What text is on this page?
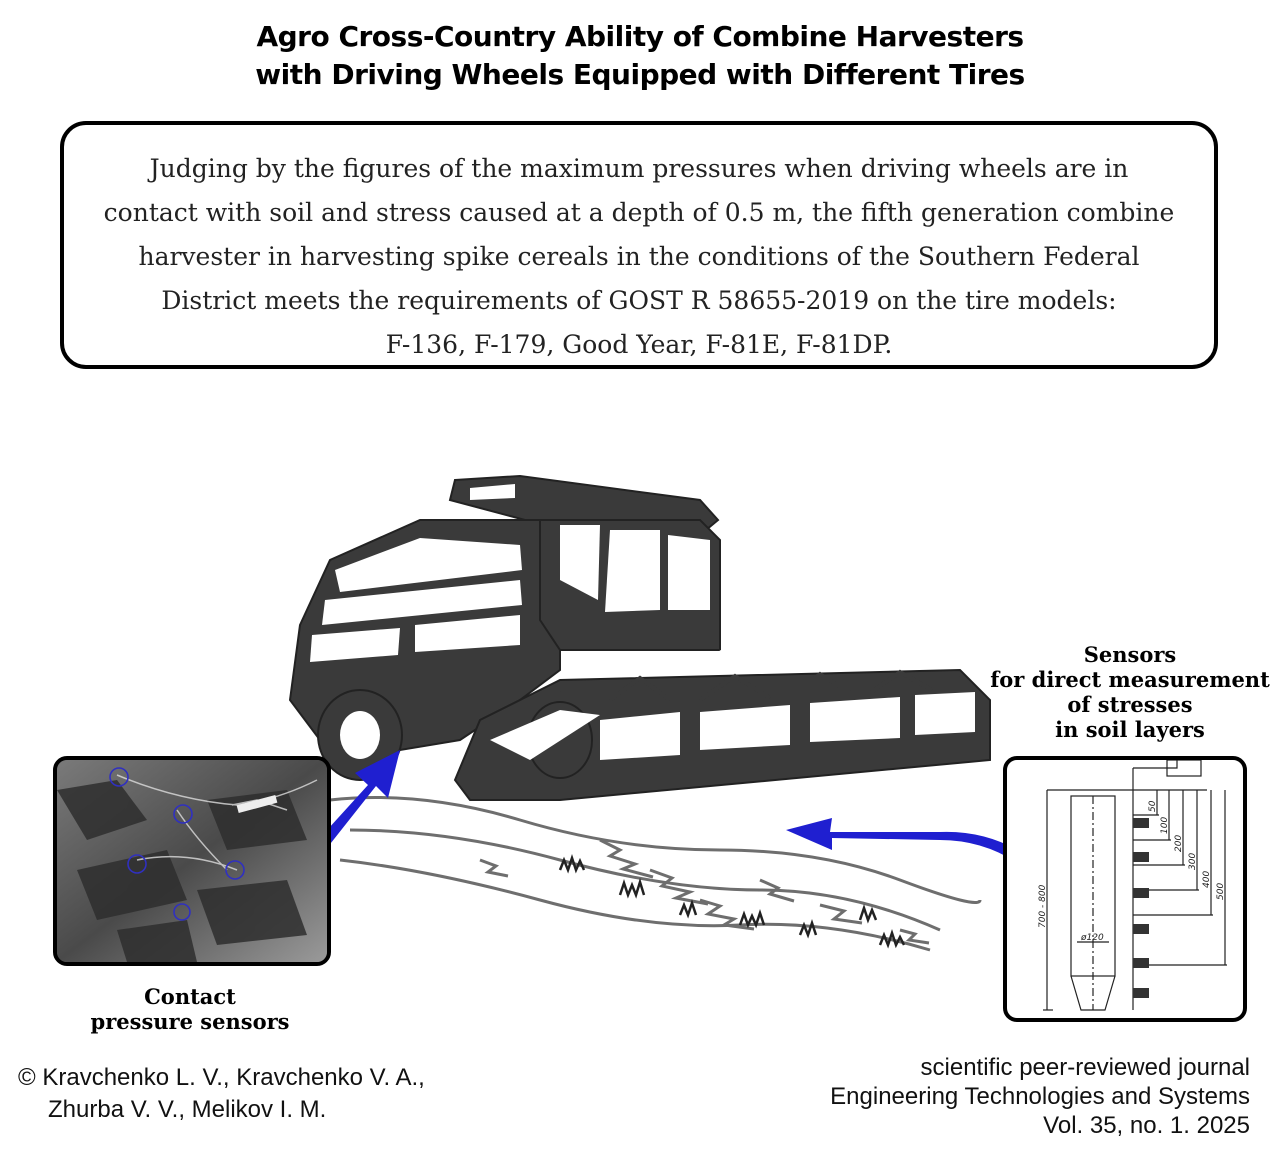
Agro Cross-Country Ability of Combine Harvesters
with Driving Wheels Equipped with Different Tires
Judging by the figures of the maximum pressures when driving wheels are in
contact with soil and stress caused at a depth of 0.5 m, the fifth generation combine
harvester in harvesting spike cereals in the conditions of the Southern Federal
District meets the requirements of GOST R 58655-2019 on the tire models:
F-136, F-179, Good Year, F-81E, F-81DP.
Sensors
for direct measurement
of stresses
in soil layers
50
100
200
300
400
500
700 - 800
ø120
Contact
pressure sensors
© Kravchenko L. V., Kravchenko V. A.,
Zhurba V. V., Melikov I. M.
scientific peer-reviewed journal
Engineering Technologies and Systems
Vol. 35, no. 1. 2025
